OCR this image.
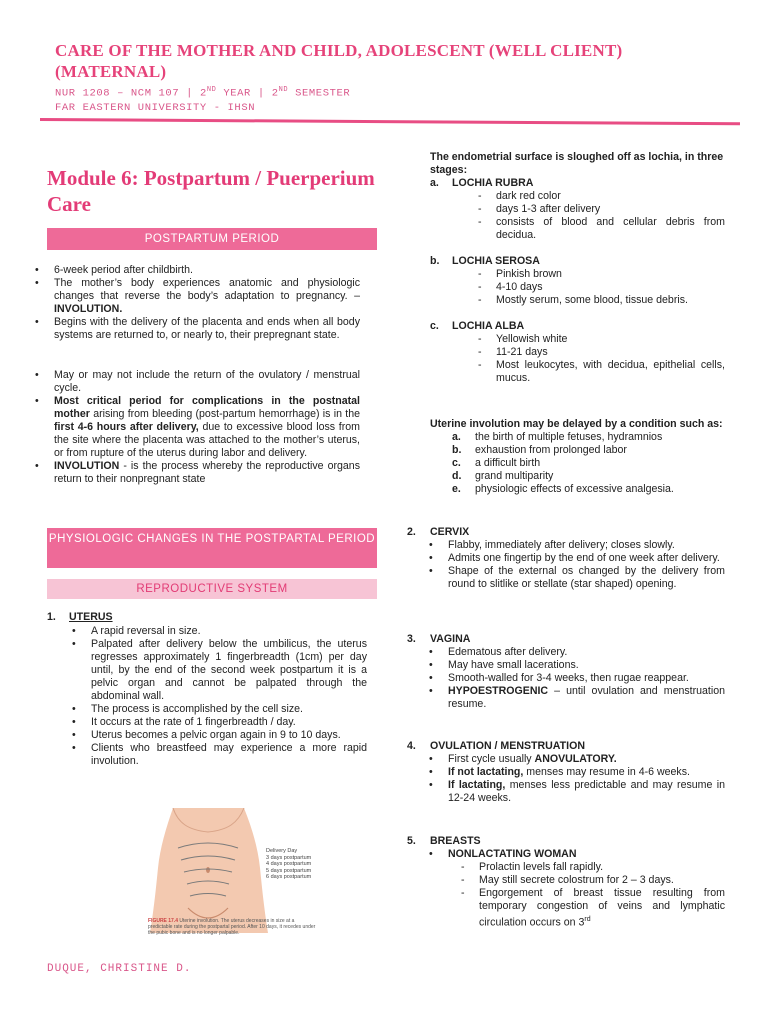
CARE OF THE MOTHER AND CHILD, ADOLESCENT (WELL CLIENT) (MATERNAL)
NUR 1208 – NCM 107 | 2ND YEAR | 2ND SEMESTER
FAR EASTERN UNIVERSITY - IHSN
Module 6: Postpartum / Puerperium Care
POSTPARTUM PERIOD
• 6-week period after childbirth.
• The mother’s body experiences anatomic and physiologic changes that reverse the body’s adaptation to pregnancy. – INVOLUTION.
• Begins with the delivery of the placenta and ends when all body systems are returned to, or nearly to, their prepregnant state.
• May or may not include the return of the ovulatory / menstrual cycle.
• Most critical period for complications in the postnatal mother arising from bleeding (post-partum hemorrhage) is in the first 4-6 hours after delivery, due to excessive blood loss from the site where the placenta was attached to the mother’s uterus, or from rupture of the uterus during labor and delivery.
• INVOLUTION - is the process whereby the reproductive organs return to their nonpregnant state
PHYSIOLOGIC CHANGES IN THE POSTPARTAL PERIOD
REPRODUCTIVE SYSTEM
1. UTERUS
• A rapid reversal in size.
• Palpated after delivery below the umbilicus, the uterus regresses approximately 1 fingerbreadth (1cm) per day until, by the end of the second week postpartum it is a pelvic organ and cannot be palpated through the abdominal wall.
• The process is accomplished by the cell size.
• It occurs at the rate of 1 fingerbreadth / day.
• Uterus becomes a pelvic organ again in 9 to 10 days.
• Clients who breastfeed may experience a more rapid involution.
Delivery Day
3 days postpartum
4 days postpartum
5 days postpartum
6 days postpartum
FIGURE 17.4 Uterine involution. The uterus decreases in size at a predictable rate during the postpartal period. After 10 days, it recedes under the pubic bone and is no longer palpable.
The endometrial surface is sloughed off as lochia, in three stages:
a. LOCHIA RUBRA
- dark red color
- days 1-3 after delivery
- consists of blood and cellular debris from decidua.
b. LOCHIA SEROSA
- Pinkish brown
- 4-10 days
- Mostly serum, some blood, tissue debris.
c. LOCHIA ALBA
- Yellowish white
- 11-21 days
- Most leukocytes, with decidua, epithelial cells, mucus.
Uterine involution may be delayed by a condition such as:
a. the birth of multiple fetuses, hydramnios
b. exhaustion from prolonged labor
c. a difficult birth
d. grand multiparity
e. physiologic effects of excessive analgesia.
2. CERVIX
• Flabby, immediately after delivery; closes slowly.
• Admits one fingertip by the end of one week after delivery.
• Shape of the external os changed by the delivery from round to slitlike or stellate (star shaped) opening.
3. VAGINA
• Edematous after delivery.
• May have small lacerations.
• Smooth-walled for 3-4 weeks, then rugae reappear.
• HYPOESTROGENIC – until ovulation and menstruation resume.
4. OVULATION / MENSTRUATION
• First cycle usually ANOVULATORY.
• If not lactating, menses may resume in 4-6 weeks.
• If lactating, menses less predictable and may resume in 12-24 weeks.
5. BREASTS
• NONLACTATING WOMAN
- Prolactin levels fall rapidly.
- May still secrete colostrum for 2 – 3 days.
- Engorgement of breast tissue resulting from temporary congestion of veins and lymphatic circulation occurs on 3rd
DUQUE, CHRISTINE D.
